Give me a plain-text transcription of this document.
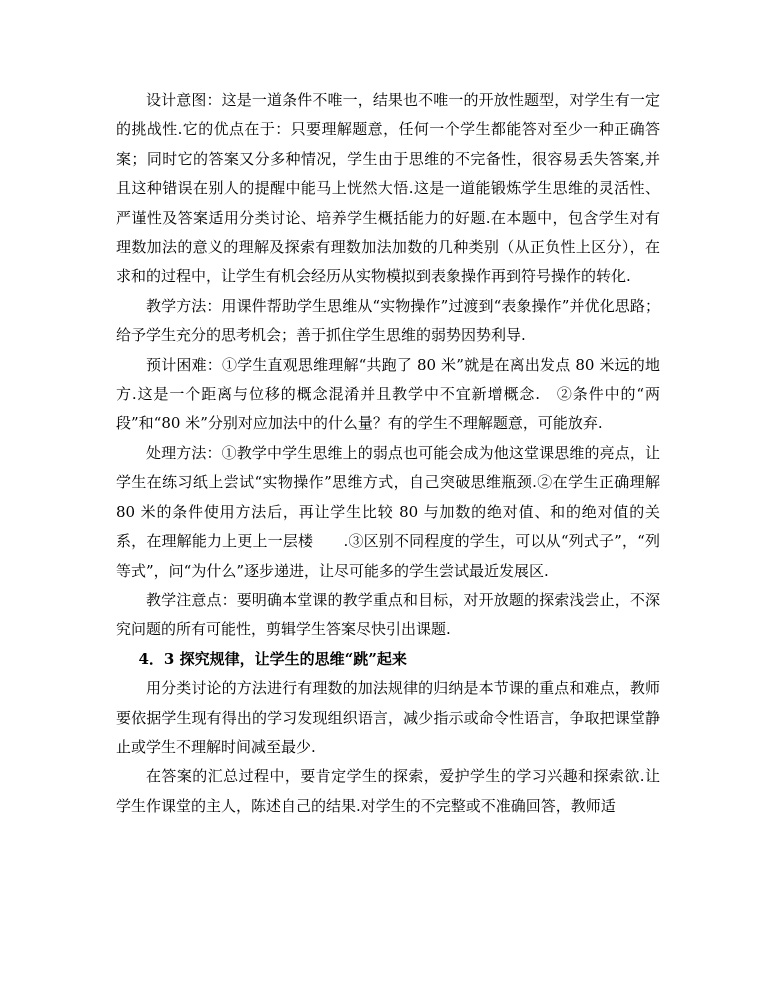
设计意图：这是一道条件不唯一，结果也不唯一的开放性题型，对学生有一定的挑战性.它的优点在于：只要理解题意，任何一个学生都能答对至少一种正确答案；同时它的答案又分多种情况，学生由于思维的不完备性，很容易丢失答案,并且这种错误在别人的提醒中能马上恍然大悟.这是一道能锻炼学生思维的灵活性、严谨性及答案适用分类讨论、培养学生概括能力的好题.在本题中，包含学生对有理数加法的意义的理解及探索有理数加法加数的几种类别（从正负性上区分），在求和的过程中，让学生有机会经历从实物模拟到表象操作再到符号操作的转化.

教学方法：用课件帮助学生思维从“实物操作”过渡到“表象操作”并优化思路；给予学生充分的思考机会；善于抓住学生思维的弱势因势利导.

预计困难：①学生直观思维理解“共跑了 80 米”就是在离出发点 80 米远的地方.这是一个距离与位移的概念混淆并且教学中不宜新增概念.　②条件中的“两段”和“80 米”分别对应加法中的什么量？有的学生不理解题意，可能放弃.

处理方法：①教学中学生思维上的弱点也可能会成为他这堂课思维的亮点，让学生在练习纸上尝试“实物操作”思维方式，自己突破思维瓶颈.②在学生正确理解 80 米的条件使用方法后，再让学生比较 80 与加数的绝对值、和的绝对值的关系，在理解能力上更上一层楼　　.③区别不同程度的学生，可以从“列式子”，“列等式”，问“为什么”逐步递进，让尽可能多的学生尝试最近发展区.

教学注意点：要明确本堂课的教学重点和目标，对开放题的探索浅尝止，不深究问题的所有可能性，剪辑学生答案尽快引出课题.

4．3 探究规律，让学生的思维“跳”起来

用分类讨论的方法进行有理数的加法规律的归纳是本节课的重点和难点，教师要依据学生现有得出的学习发现组织语言，减少指示或命令性语言，争取把课堂静止或学生不理解时间减至最少.

在答案的汇总过程中，要肯定学生的探索，爱护学生的学习兴趣和探索欲.让学生作课堂的主人，陈述自己的结果.对学生的不完整或不准确回答，教师适
